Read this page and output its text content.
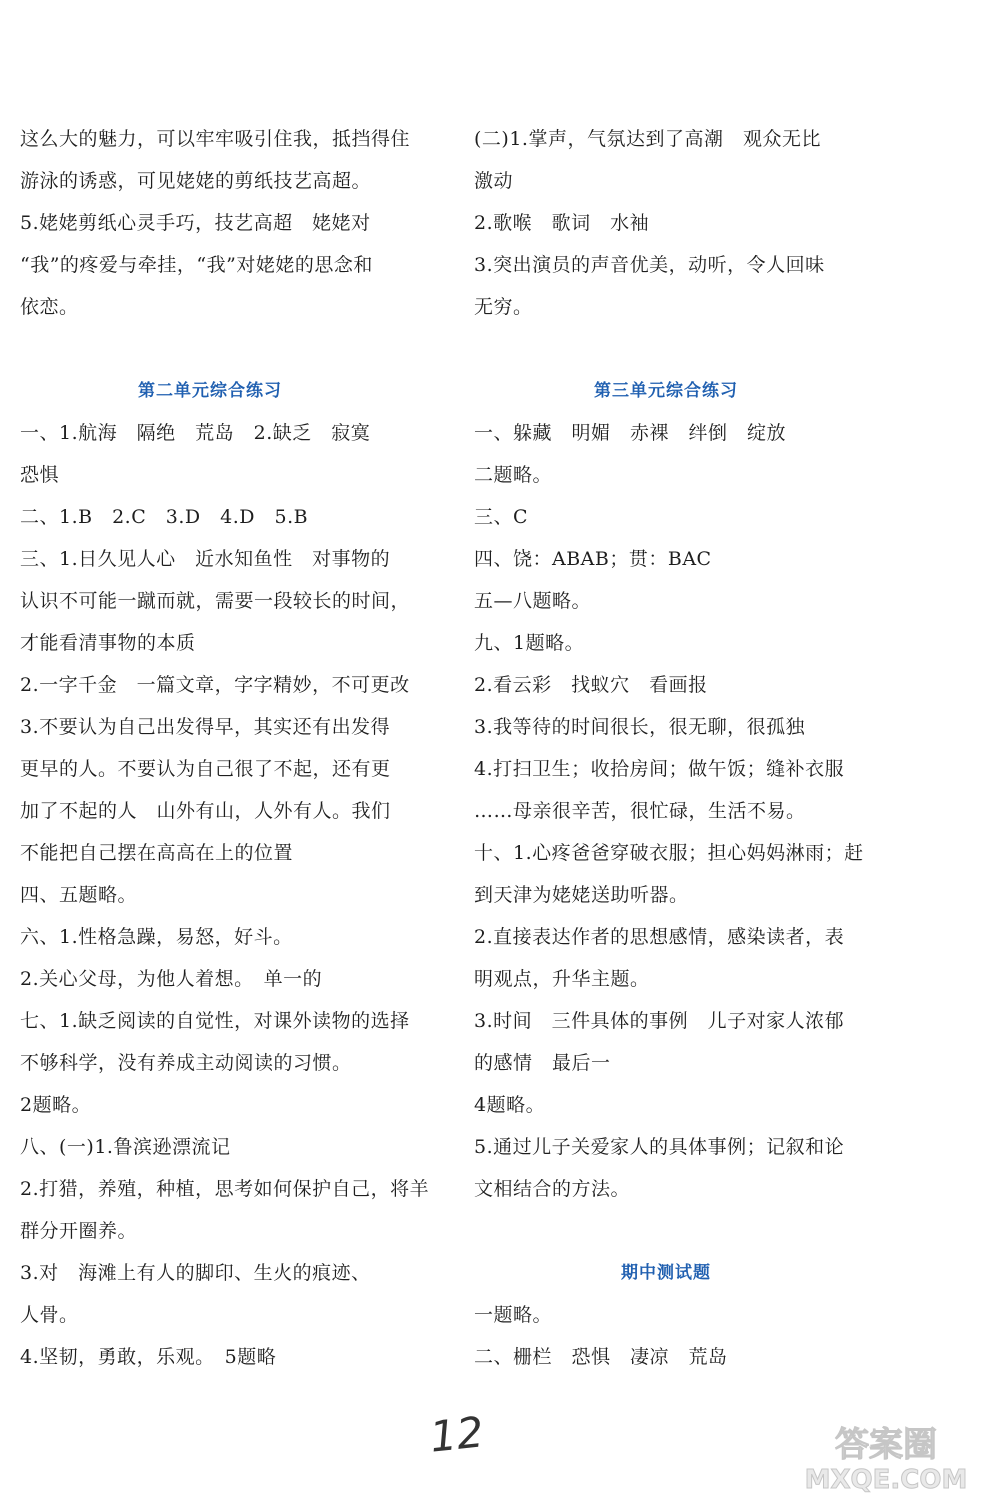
这么大的魅力，可以牢牢吸引住我，抵挡得住
游泳的诱惑，可见姥姥的剪纸技艺高超。
5.姥姥剪纸心灵手巧，技艺高超　姥姥对
“我”的疼爱与牵挂，“我”对姥姥的思念和
依恋。
第二单元综合练习
一、1.航海　隔绝　荒岛　2.缺乏　寂寞
恐惧
二、1.B　2.C　3.D　4.D　5.B
三、1.日久见人心　近水知鱼性　对事物的
认识不可能一蹴而就，需要一段较长的时间，
才能看清事物的本质
2.一字千金　一篇文章，字字精妙，不可更改
3.不要认为自己出发得早，其实还有出发得
更早的人。不要认为自己很了不起，还有更
加了不起的人　山外有山，人外有人。我们
不能把自己摆在高高在上的位置
四、五题略。
六、1.性格急躁，易怒，好斗。
2.关心父母，为他人着想。　单一的
七、1.缺乏阅读的自觉性，对课外读物的选择
不够科学，没有养成主动阅读的习惯。
2题略。
八、(一)1.鲁滨逊漂流记
2.打猎，养殖，种植，思考如何保护自己，将羊
群分开圈养。
3.对　海滩上有人的脚印、生火的痕迹、
人骨。
4.坚韧，勇敢，乐观。　5题略
(二)1.掌声，气氛达到了高潮　观众无比
激动
2.歌喉　歌词　水袖
3.突出演员的声音优美，动听，令人回味
无穷。
第三单元综合练习
一、躲藏　明媚　赤裸　绊倒　绽放
二题略。
三、C
四、饶：ABAB；贯：BAC
五—八题略。
九、1题略。
2.看云彩　找蚁穴　看画报
3.我等待的时间很长，很无聊，很孤独
4.打扫卫生；收拾房间；做午饭；缝补衣服
……母亲很辛苦，很忙碌，生活不易。
十、1.心疼爸爸穿破衣服；担心妈妈淋雨；赶
到天津为姥姥送助听器。
2.直接表达作者的思想感情，感染读者，表
明观点，升华主题。
3.时间　三件具体的事例　儿子对家人浓郁
的感情　最后一
4题略。
5.通过儿子关爱家人的具体事例；记叙和论
文相结合的方法。
期中测试题
一题略。
二、栅栏　恐惧　凄凉　荒岛
12	答案圈
MXQE.COM
